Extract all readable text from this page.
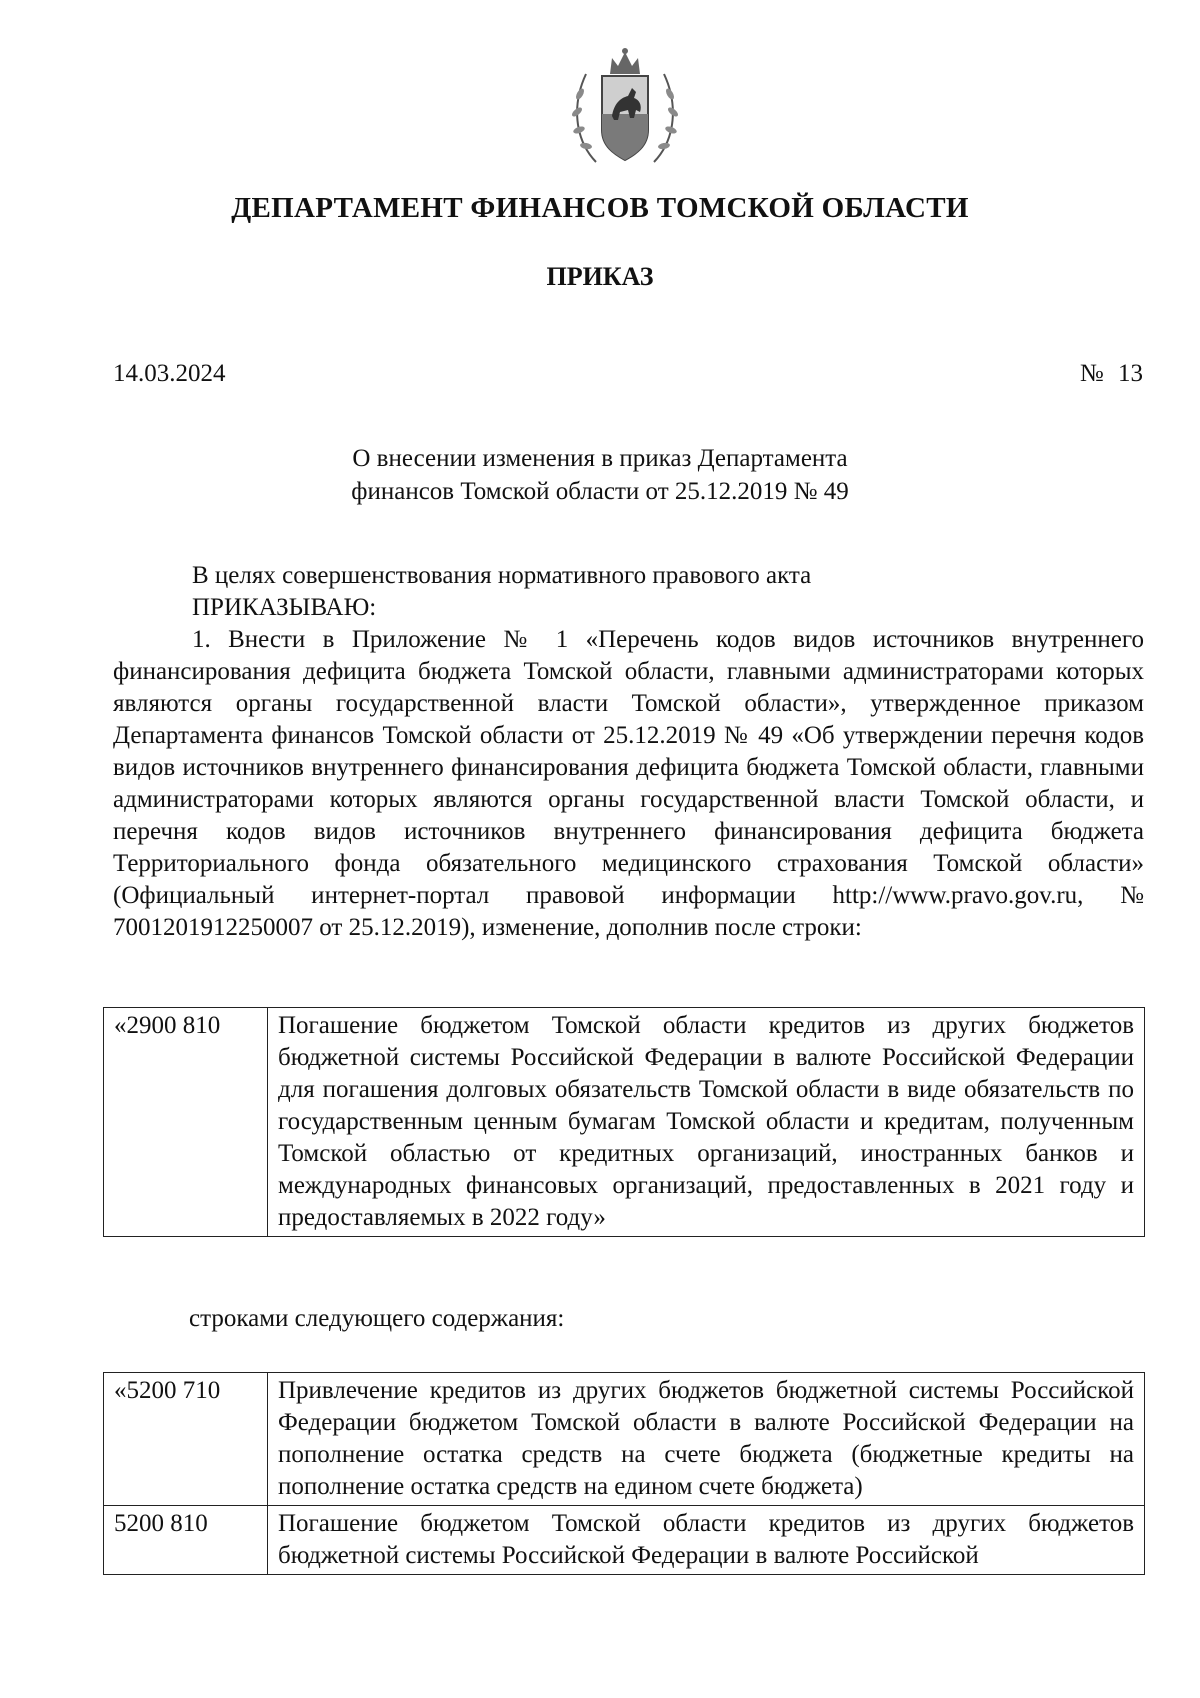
ДЕПАРТАМЕНТ ФИНАНСОВ ТОМСКОЙ ОБЛАСТИ
ПРИКАЗ
14.03.2024	№ 13
О внесении изменения в приказ Департамента
финансов Томской области от 25.12.2019 № 49

В целях совершенствования нормативного правового акта

ПРИКАЗЫВАЮ:

1. Внести в Приложение № 1 «Перечень кодов видов источников внутреннего финансирования дефицита бюджета Томской области, главными администраторами которых являются органы государственной власти Томской области», утвержденное приказом Департамента финансов Томской области от 25.12.2019 № 49 «Об утверждении перечня кодов видов источников внутреннего финансирования дефицита бюджета Томской области, главными администраторами которых являются органы государственной власти Томской области, и перечня кодов видов источников внутреннего финансирования дефицита бюджета Территориального фонда обязательного медицинского страхования Томской области» (Официальный интернет-портал правовой информации http://www.pravo.gov.ru, № 7001201912250007 от 25.12.2019), изменение, дополнив после строки:

«2900 810	Погашение бюджетом Томской области кредитов из других бюджетов бюджетной системы Российской Федерации в валюте Российской Федерации для погашения долговых обязательств Томской области в виде обязательств по государственным ценным бумагам Томской области и кредитам, полученным Томской областью от кредитных организаций, иностранных банков и международных финансовых организаций, предоставленных в 2021 году и предоставляемых в 2022 году»
строками следующего содержания:
«5200 710	Привлечение кредитов из других бюджетов бюджетной системы Российской Федерации бюджетом Томской области в валюте Российской Федерации на пополнение остатка средств на счете бюджета (бюджетные кредиты на пополнение остатка средств на едином счете бюджета)
5200 810	Погашение бюджетом Томской области кредитов из других бюджетов бюджетной системы Российской Федерации в валюте Российской
